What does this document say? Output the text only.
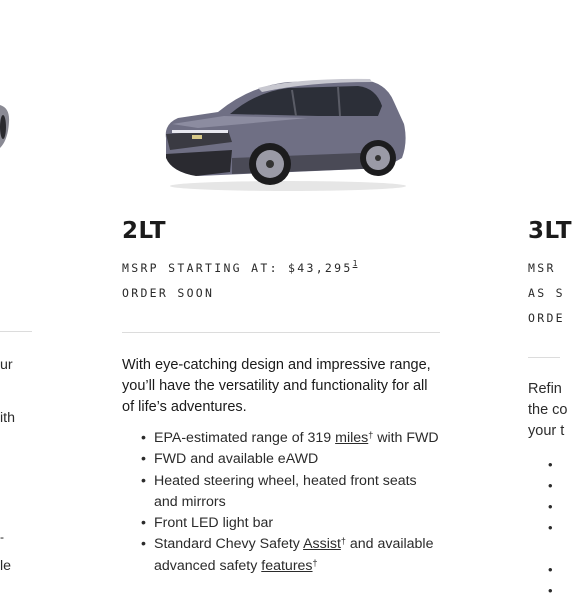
ur
ith
-
le
2LT
MSRP STARTING AT: $43,295$^1$
ORDER SOON
With eye-catching design and impressive range, you’ll have the versatility and functionality for all of life’s adventures.
• EPA-estimated range of 319 miles† with FWD
• FWD and available eAWD
• Heated steering wheel, heated front seats and mirrors
• Front LED light bar
• Standard Chevy Safety Assist† and available advanced safety features†
3LT
MSR
AS S
ORDE
Refin
the co
your t
•
•
•
•
•
•
